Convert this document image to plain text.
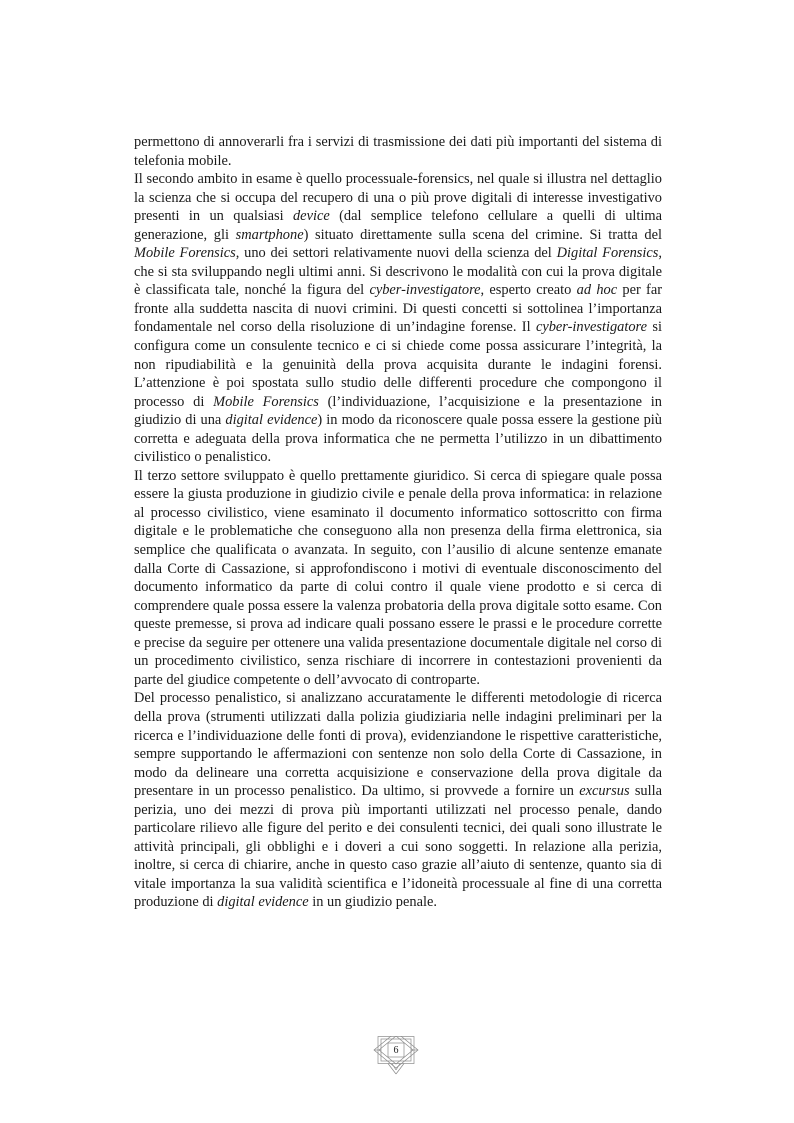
permettono di annoverarli fra i servizi di trasmissione dei dati più importanti del sistema di telefonia mobile.

Il secondo ambito in esame è quello processuale-forensics, nel quale si illustra nel dettaglio la scienza che si occupa del recupero di una o più prove digitali di interesse investigativo presenti in un qualsiasi device (dal semplice telefono cellulare a quelli di ultima generazione, gli smartphone) situato direttamente sulla scena del crimine. Si tratta del Mobile Forensics, uno dei settori relativamente nuovi della scienza del Digital Forensics, che si sta sviluppando negli ultimi anni. Si descrivono le modalità con cui la prova digitale è classificata tale, nonché la figura del cyber-investigatore, esperto creato ad hoc per far fronte alla suddetta nascita di nuovi crimini. Di questi concetti si sottolinea l’importanza fondamentale nel corso della risoluzione di un’indagine forense. Il cyber-investigatore si configura come un consulente tecnico e ci si chiede come possa assicurare l’integrità, la non ripudiabilità e la genuinità della prova acquisita durante le indagini forensi. L’attenzione è poi spostata sullo studio delle differenti procedure che compongono il processo di Mobile Forensics (l’individuazione, l’acquisizione e la presentazione in giudizio di una digital evidence) in modo da riconoscere quale possa essere la gestione più corretta e adeguata della prova informatica che ne permetta l’utilizzo in un dibattimento civilistico o penalistico.

Il terzo settore sviluppato è quello prettamente giuridico. Si cerca di spiegare quale possa essere la giusta produzione in giudizio civile e penale della prova informatica: in relazione al processo civilistico, viene esaminato il documento informatico sottoscritto con firma digitale e le problematiche che conseguono alla non presenza della firma elettronica, sia semplice che qualificata o avanzata. In seguito, con l’ausilio di alcune sentenze emanate dalla Corte di Cassazione, si approfondiscono i motivi di eventuale disconoscimento del documento informatico da parte di colui contro il quale viene prodotto e si cerca di comprendere quale possa essere la valenza probatoria della prova digitale sotto esame. Con queste premesse, si prova ad indicare quali possano essere le prassi e le procedure corrette e precise da seguire per ottenere una valida presentazione documentale digitale nel corso di un procedimento civilistico, senza rischiare di incorrere in contestazioni provenienti da parte del giudice competente o dell’avvocato di controparte.

Del processo penalistico, si analizzano accuratamente le differenti metodologie di ricerca della prova (strumenti utilizzati dalla polizia giudiziaria nelle indagini preliminari per la ricerca e l’individuazione delle fonti di prova), evidenziandone le rispettive caratteristiche, sempre supportando le affermazioni con sentenze non solo della Corte di Cassazione, in modo da delineare una corretta acquisizione e conservazione della prova digitale da presentare in un processo penalistico. Da ultimo, si provvede a fornire un excursus sulla perizia, uno dei mezzi di prova più importanti utilizzati nel processo penale, dando particolare rilievo alle figure del perito e dei consulenti tecnici, dei quali sono illustrate le attività principali, gli obblighi e i doveri a cui sono soggetti. In relazione alla perizia, inoltre, si cerca di chiarire, anche in questo caso grazie all’aiuto di sentenze, quanto sia di vitale importanza la sua validità scientifica e l’idoneità processuale al fine di una corretta produzione di digital evidence in un giudizio penale.

6
